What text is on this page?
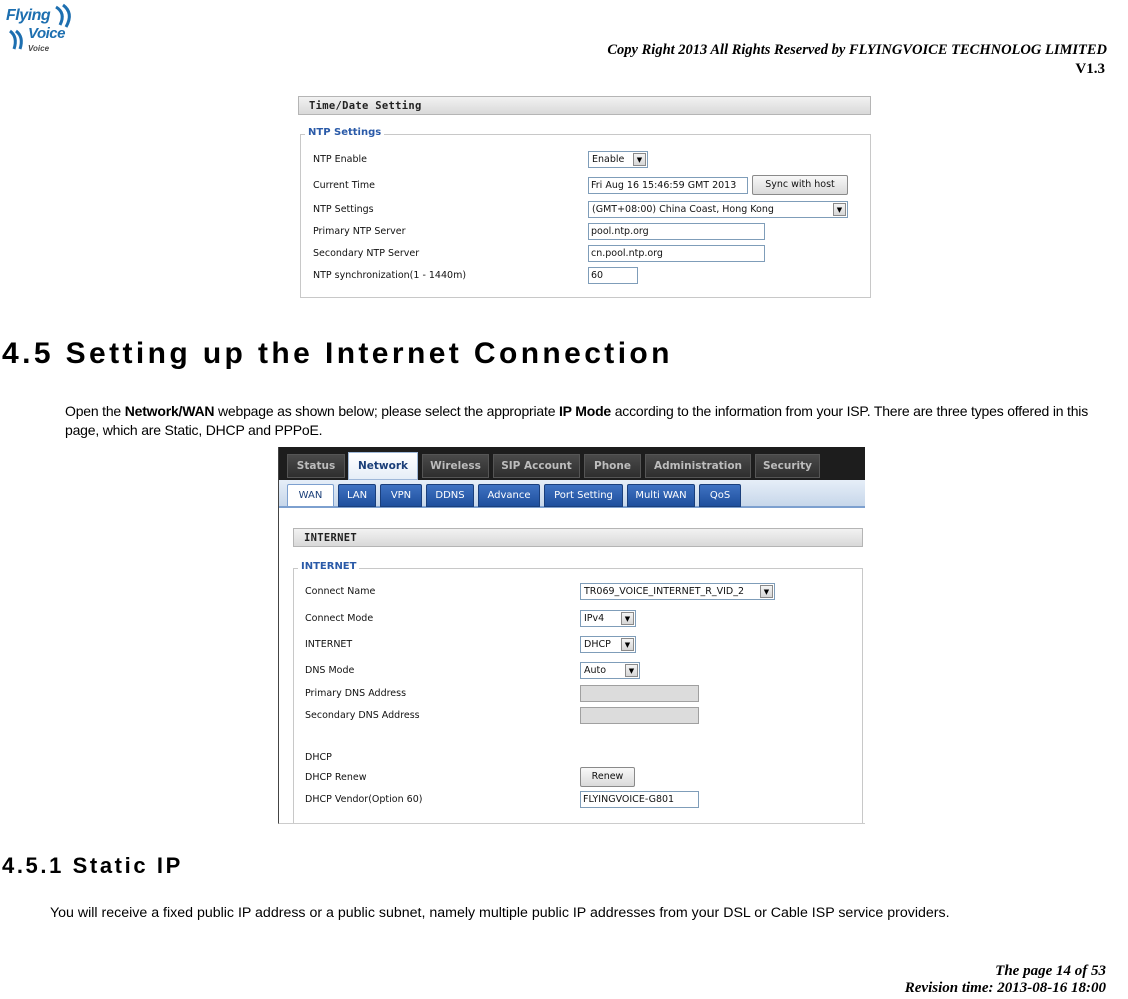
Flying
Voice
Voice	Copy Right 2013 All Rights Reserved by FLYINGVOICE TECHNOLOG LIMITED
V1.3
Time/Date Setting
NTP Settings
NTP Enable	Enable	▼
Current Time	Fri Aug 16 15:46:59 GMT 2013	Sync with host
NTP Settings	(GMT+08:00) China Coast, Hong Kong	▼
Primary NTP Server	pool.ntp.org
Secondary NTP Server	cn.pool.ntp.org
NTP synchronization(1 - 1440m)	60
4.5 Setting up the Internet Connection

Open the Network/WAN webpage as shown below; please select the appropriate IP Mode according to the information from your ISP. There are three types offered in this page, which are Static, DHCP and PPPoE.

Status	Network	Wireless	SIP Account	Phone	Administration	Security
WAN	LAN	VPN	DDNS	Advance	Port Setting	Multi WAN	QoS
INTERNET
INTERNET
Connect Name	TR069_VOICE_INTERNET_R_VID_2	▼
Connect Mode	IPv4	▼
INTERNET	DHCP	▼
DNS Mode	Auto	▼
Primary DNS Address
Secondary DNS Address
DHCP
DHCP Renew	Renew
DHCP Vendor(Option 60)	FLYINGVOICE-G801
4.5.1 Static IP

You will receive a fixed public IP address or a public subnet, namely multiple public IP addresses from your DSL or Cable ISP service providers.

The page 14 of 53
Revision time: 2013-08-16 18:00
